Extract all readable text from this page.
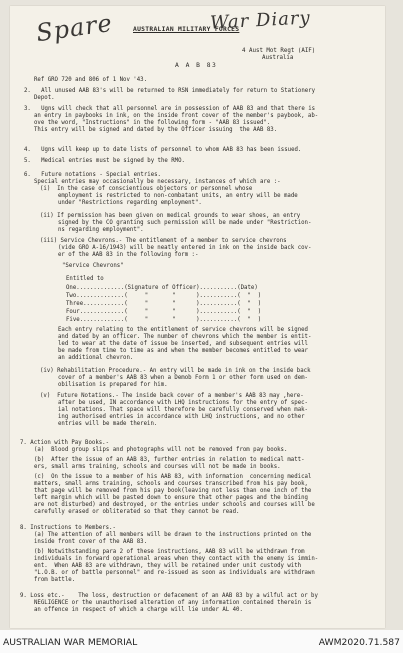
Spare	War Diary
AUSTRALIAN MILITARY FORCES
4 Aust Mot Regt (AIF)
Australia
A A B 83
Ref GRO 720 and 806 of 1 Nov '43.
2.   All unused AAB 83's will be returned to RSN immediately for return to Stationery
Depot.
3.   Ugns will check that all personnel are in possession of AAB 83 and that there is
an entry in paybooks in ink, on the inside front cover of the member's paybook, ab-
ove the word, "Instructions" in the following form - "AAB 83 issued".
This entry will be signed and dated by the Officer issuing  the AAB 83.
4.   Ugns will keep up to date lists of personnel to whom AAB 83 has been issued.
5.   Medical entries must be signed by the RMO.
6.   Future notations - Special entries.
Special entries may occasionally be necessary, instances of which are :-
(i)  In the case of conscientious objectors or personnel whose
employment is restricted to non-combatant units, an entry will be made
under "Restrictions regarding employment".
(ii) If permission has been given on medical grounds to wear shoes, an entry
signed by the CO granting such permission will be made under "Restriction-
ns regarding employment".
(iii) Service Chevrons.- The entitlement of a member to service chevrons
(vide GRO A-16/1943) will be neatly entered in ink on the inside back cov-
er of the AAB 83 in the following form :-
"Service Chevrons"
Entitled to
One..............(Signature of Officer)...........(Date)
Two..............(     "       "      )...........(  "  )
Three............(     "       "      )...........(  "  )
Four.............(     "       "      )...........(  "  )
Five.............(     "       "      )...........(  "  )
Each entry relating to the entitlement of service chevrons will be signed
and dated by an officer. The number of chevrons which the member is entit-
led to wear at the date of issue be inserted, and subsequent entries will
be made from time to time as and when the member becomes entitled to wear
an additional chevron.
(iv) Rehabilitation Procedure.- An entry will be made in ink on the inside back
cover of a member's AAB 83 when a Demob Form 1 or other form used on dem-
obilisation is prepared for him.
(v)  Future Notations.- The inside back cover of a member's AAB 83 may ,here-
after be used, IN accordance with LHQ instructions for the entry of spec-
ial notations. That space will therefore be carefully conserved when mak-
ing authorised entries in accordance with LHQ instructions, and no other
entries will be made therein.
7. Action with Pay Books.-
(a)  Blood group slips and photographs will not be removed from pay books.
(b)  After the issue of an AAB 83, further entries in relation to medical matt-
ers, small arms training, schools and courses will not be made in books.
(c)  On the issue to a member of his AAB 83, with information  concerning medical
matters, small arms training, schools and courses transcribed from his pay book,
that page will be removed from his pay book(leaving not less than one inch of the
left margin which will be pasted down to ensure that other pages and the binding
are not disturbed) and destroyed, or the entries under schools and courses will be
carefully erased or obliterated so that they cannot be read.
8. Instructions to Members.-
(a) The attention of all members will be drawn to the instructions printed on the
inside front cover of the AAB 83.
(b) Notwithstanding para 2 of these instructions, AAB 83 will be withdrawn from
individuals in forward operational areas when they contact with the enemy is immin-
ent.  When AAB 83 are withdrawn, they will be retained under unit custody with
"L.O.B. or of battle personnel" and re-issued as soon as individuals are withdrawn
from battle.
9. Loss etc.-    The loss, destruction or defacement of an AAB 83 by a wilful act or by
NEGLIGENCE or the unauthorised alteration of any information contained therein is
an offence in respect of which a charge will lie under AL 40.
AUSTRALIAN WAR MEMORIAL	AWM2020.71.587
